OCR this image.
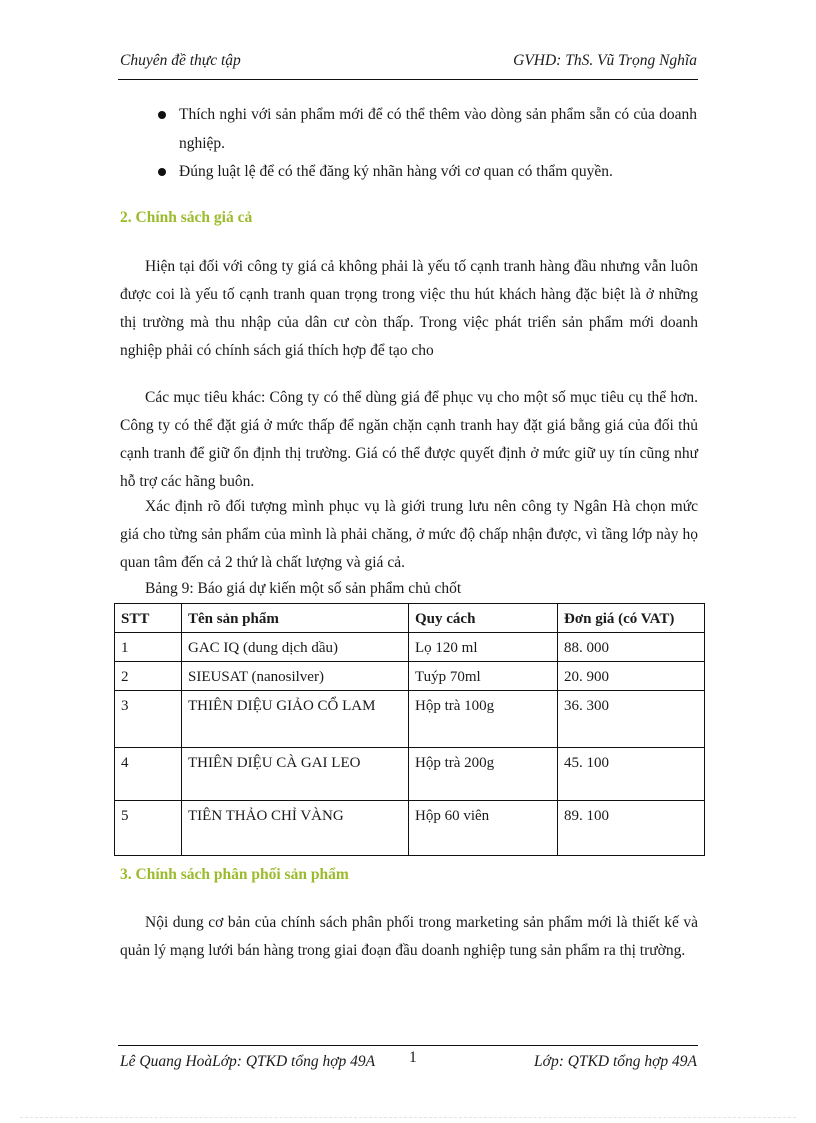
Chuyên đề thực tập	GVHD: ThS. Vũ Trọng Nghĩa
Thích nghi với sản phẩm mới để có thể thêm vào dòng sản phẩm sẵn có của doanh nghiệp.
Đúng luật lệ để có thể đăng ký nhãn hàng với cơ quan có thẩm quyền.
2. Chính sách giá cả
Hiện tại đối với công ty giá cả không phải là yếu tố cạnh tranh hàng đầu nhưng vẫn luôn được coi là yếu tố cạnh tranh quan trọng trong việc thu hút khách hàng đặc biệt là ở những thị trường mà thu nhập của dân cư còn thấp. Trong việc phát triển sản phẩm mới doanh nghiệp phải có chính sách giá thích hợp để tạo cho
Các mục tiêu khác: Công ty có thể dùng giá để phục vụ cho một số mục tiêu cụ thể hơn. Công ty có thể đặt giá ở mức thấp để ngăn chặn cạnh tranh hay đặt giá bằng giá của đối thủ cạnh tranh để giữ ổn định thị trường. Giá có thể được quyết định ở mức giữ uy tín cũng như hỗ trợ các hãng buôn.
Xác định rõ đối tượng mình phục vụ là giới trung lưu nên công ty Ngân Hà chọn mức giá cho từng sản phẩm của mình là phải chăng, ở mức độ chấp nhận được, vì tầng lớp này họ quan tâm đến cả 2 thứ là chất lượng và giá cả.
Bảng 9: Báo giá dự kiến một số sản phẩm chủ chốt
STT	Tên sản phẩm	Quy cách	Đơn giá (có VAT)
1	GAC IQ (dung dịch dầu)	Lọ 120 ml	88. 000
2	SIEUSAT (nanosilver)	Tuýp 70ml	20. 900
3	THIÊN DIỆU GIẢO CỔ LAM	Hộp trà 100g	36. 300
4	THIÊN DIỆU CÀ GAI LEO	Hộp trà 200g	45. 100
5	TIÊN THẢO CHỈ VÀNG	Hộp 60 viên	89. 100
3. Chính sách phân phối sản phẩm
Nội dung cơ bản của chính sách phân phối trong marketing sản phẩm mới là thiết kế và quản lý mạng lưới bán hàng trong giai đoạn đầu doanh nghiệp tung sản phẩm ra thị trường.
Lê Quang HoàLớp: QTKD tổng hợp 49A 1	Lớp: QTKD tổng hợp 49A
